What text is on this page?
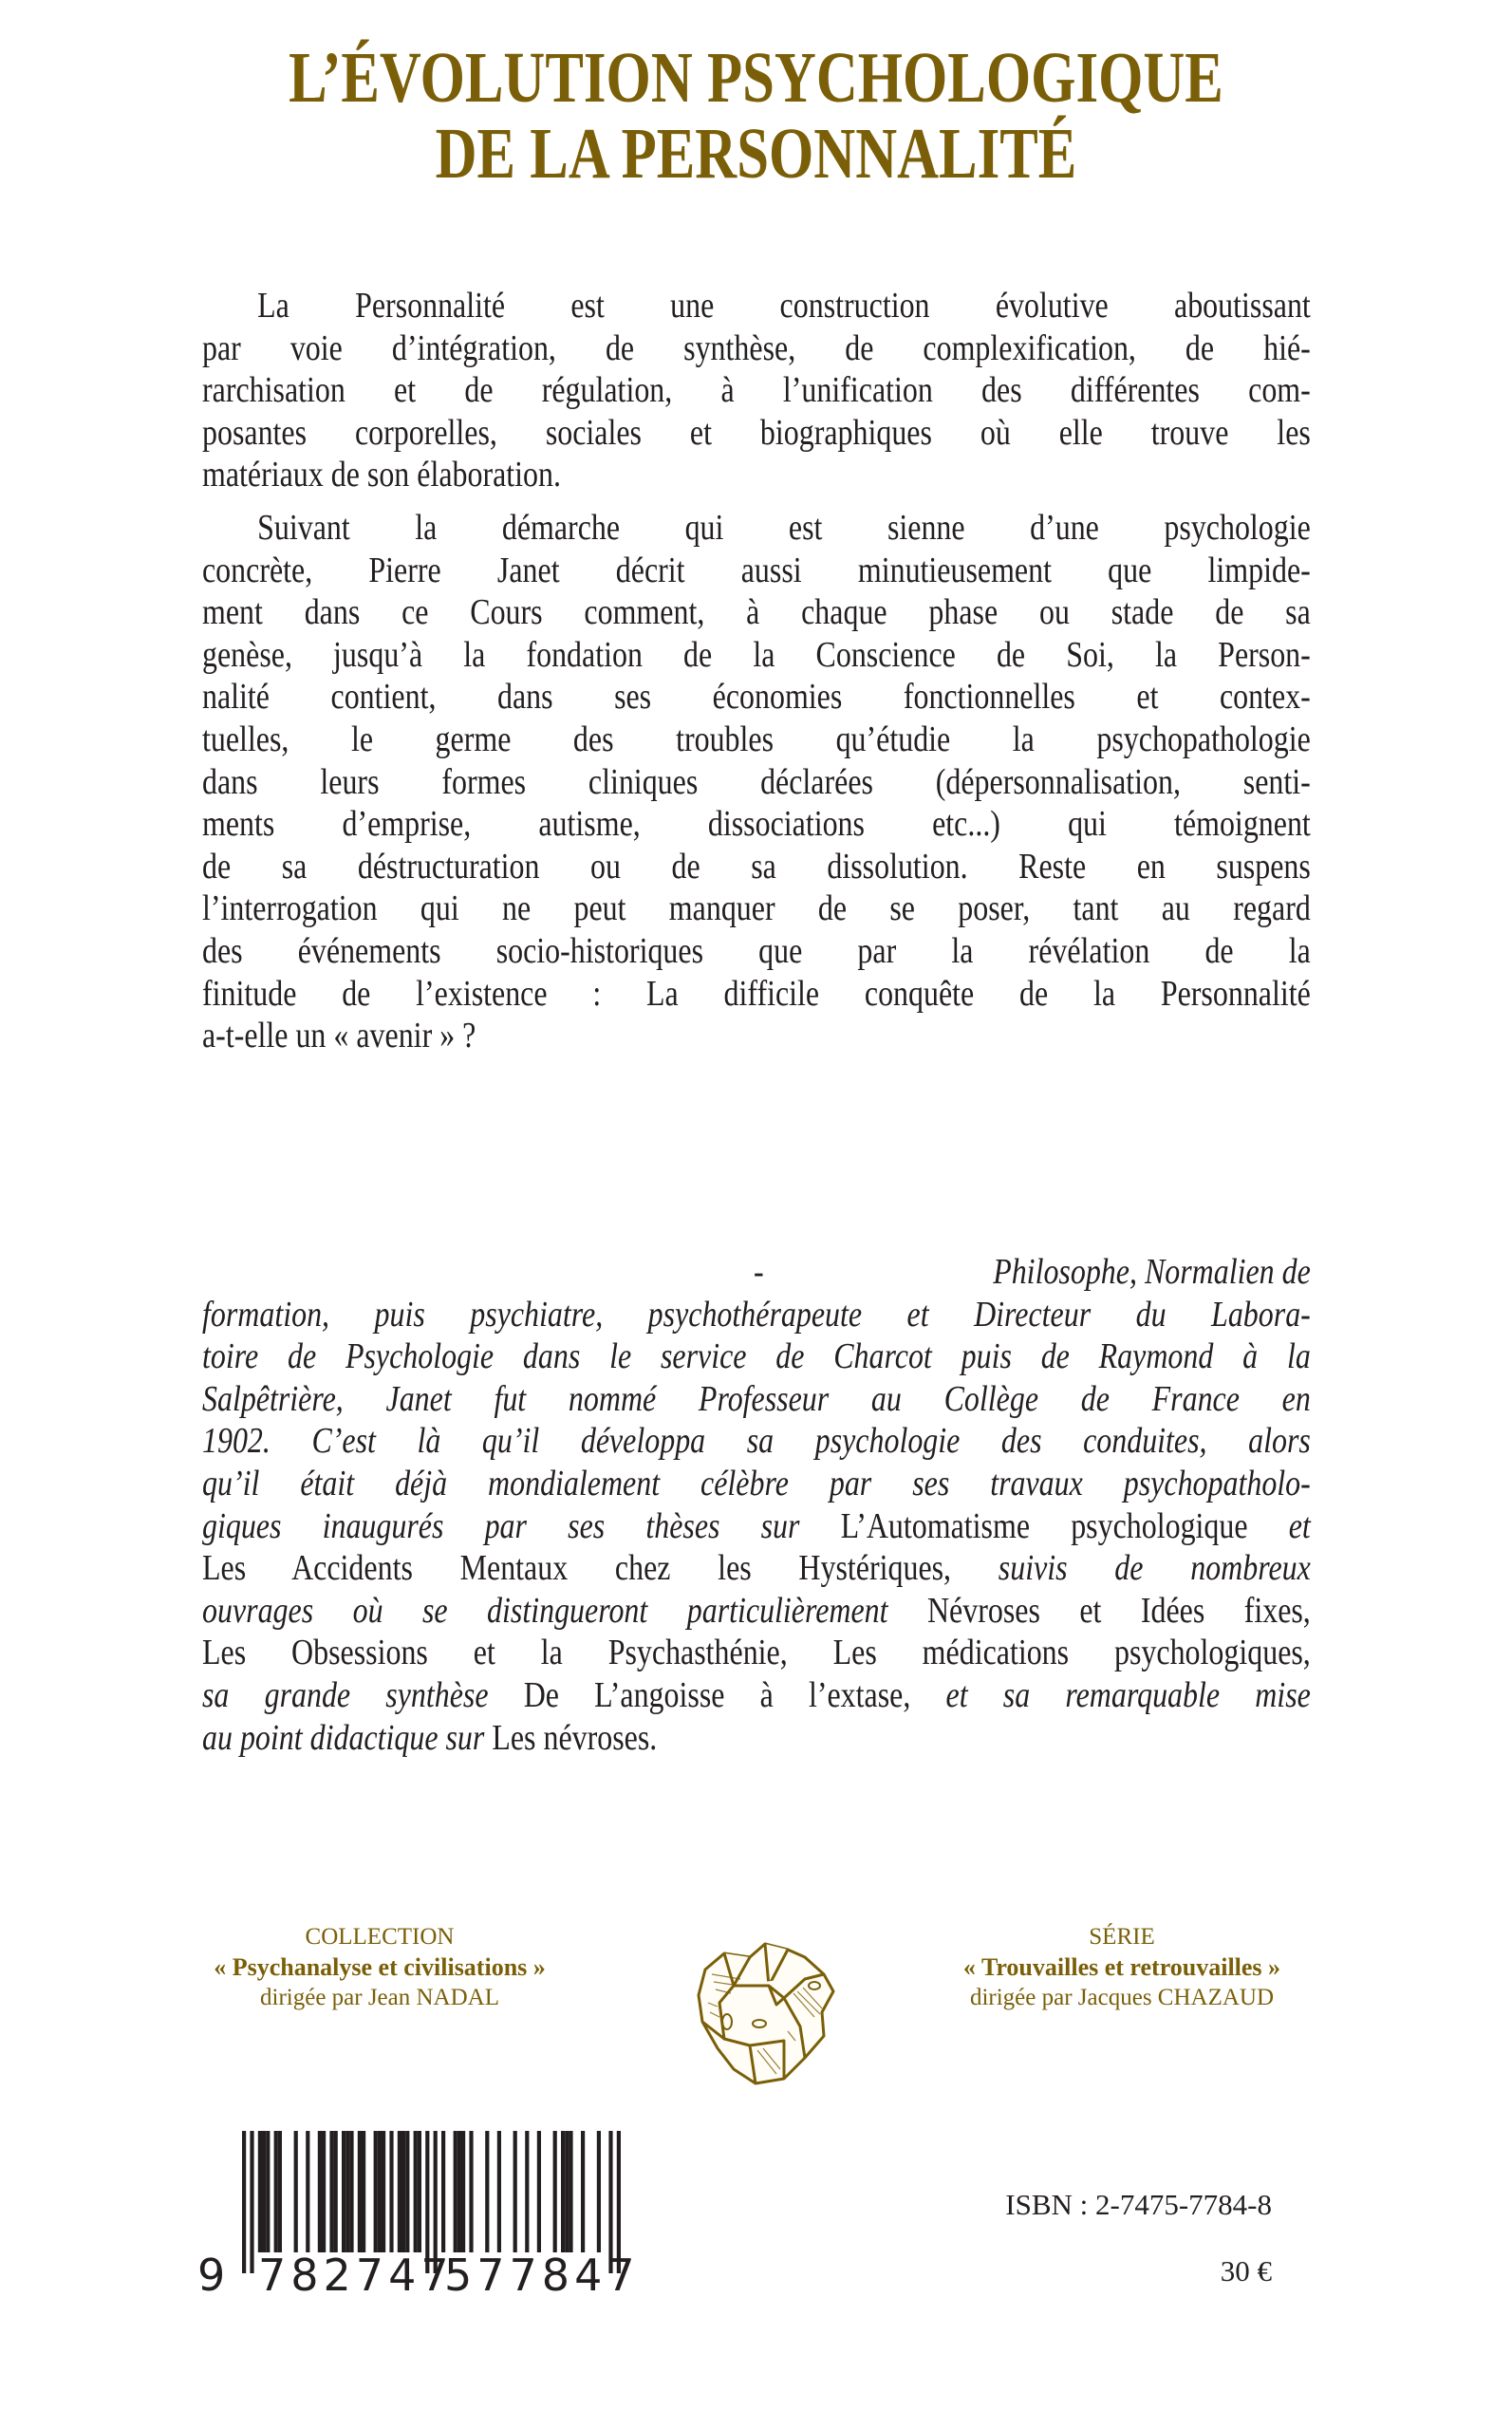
L’ÉVOLUTION PSYCHOLOGIQUE
DE LA PERSONNALITÉ
La Personnalité est une construction évolutive aboutissant
par voie d’intégration, de synthèse, de complexification, de hié-
rarchisation et de régulation, à l’unification des différentes com-
posantes corporelles, sociales et biographiques où elle trouve les
matériaux de son élaboration.
Suivant la démarche qui est sienne d’une psychologie
concrète, Pierre Janet décrit aussi minutieusement que limpide-
ment dans ce Cours comment, à chaque phase ou stade de sa
genèse, jusqu’à la fondation de la Conscience de Soi, la Person-
nalité contient, dans ses économies fonctionnelles et contex-
tuelles, le germe des troubles qu’étudie la psychopathologie
dans leurs formes cliniques déclarées (dépersonnalisation, senti-
ments d’emprise, autisme, dissociations etc...) qui témoignent
de sa déstructuration ou de sa dissolution. Reste en suspens
l’interrogation qui ne peut manquer de se poser, tant au regard
des événements socio-historiques que par la révélation de la
finitude de l’existence : La difficile conquête de la Personnalité
a-t-elle un « avenir » ?
-	Philosophe, Normalien de
formation, puis psychiatre, psychothérapeute et Directeur du Labora-
toire de Psychologie dans le service de Charcot puis de Raymond à la
Salpêtrière, Janet fut nommé Professeur au Collège de France en
1902. C’est là qu’il développa sa psychologie des conduites, alors
qu’il était déjà mondialement célèbre par ses travaux psychopatholo-
giques inaugurés par ses thèses sur L’Automatisme psychologique et
Les Accidents Mentaux chez les Hystériques, suivis de nombreux
ouvrages où se distingueront particulièrement Névroses et Idées fixes,
Les Obsessions et la Psychasthénie, Les médications psychologiques,
sa grande synthèse De L’angoisse à l’extase, et sa remarquable mise
au point didactique sur Les névroses.
COLLECTION
« Psychanalyse et civilisations »
dirigée par Jean NADAL
SÉRIE
« Trouvailles et retrouvailles »
dirigée par Jacques CHAZAUD
9 782747
577847
ISBN : 2-7475-7784-8
30 €
